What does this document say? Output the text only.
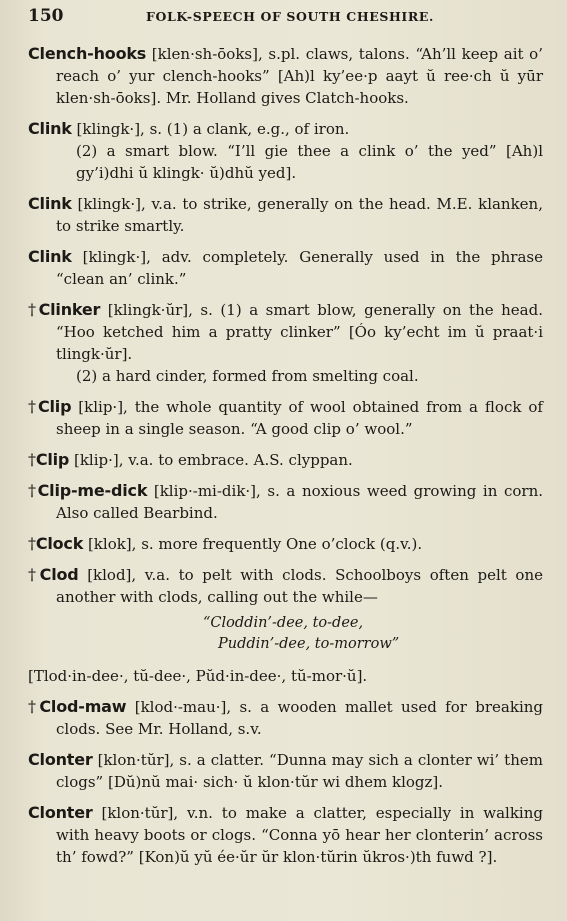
150	FOLK-SPEECH OF SOUTH CHESHIRE.

Clench-hooks [klen·sh-ōoks], s.pl. claws, talons. “Ah’ll keep ait o’ reach o’ yur clench-hooks” [Ah)l ky’ee·p aayt ŭ ree·ch ŭ yūr klen·sh-ōoks]. Mr. Holland gives Clatch-hooks.

Clink [klingk·], s. (1) a clank, e.g., of iron.
(2) a smart blow. “I’ll gie thee a clink o’ the yed” [Ah)l gy’i)dhi ŭ klingk· ŭ)dhŭ yed].

Clink [klingk·], v.a. to strike, generally on the head. M.E. klanken, to strike smartly.

Clink [klingk·], adv. completely. Generally used in the phrase “clean an’ clink.”

†Clinker [klingk·ŭr], s. (1) a smart blow, generally on the head. “Hoo ketched him a pratty clinker” [Óo ky’echt im ŭ praat·i tlingk·ŭr].
(2) a hard cinder, formed from smelting coal.

†Clip [klip·], the whole quantity of wool obtained from a flock of sheep in a single season. “A good clip o’ wool.”

†Clip [klip·], v.a. to embrace. A.S. clyppan.

†Clip-me-dick [klip·-mi-dik·], s. a noxious weed growing in corn. Also called Bearbind.

†Clock [klok], s. more frequently One o’clock (q.v.).

†Clod [klod], v.a. to pelt with clods. Schoolboys often pelt one another with clods, calling out the while—

“Cloddin’-dee, to-dee,
Puddin’-dee, to-morrow”

[Tlod·in-dee·, tŭ-dee·, Pŭd·in-dee·, tŭ-mor·ŭ].

†Clod-maw [klod·-mau·], s. a wooden mallet used for breaking clods. See Mr. Holland, s.v.

Clonter [klon·tŭr], s. a clatter. “Dunna may sich a clonter wi’ them clogs” [Dŭ)nŭ mai· sich· ŭ klon·tŭr wi dhem klogz].

Clonter [klon·tŭr], v.n. to make a clatter, especially in walking with heavy boots or clogs. “Conna yō hear her clonterin’ across th’ fowd?” [Kon)ŭ yŭ ée·ŭr ŭr klon·tŭrin ŭkros·)th fuwd ?].
